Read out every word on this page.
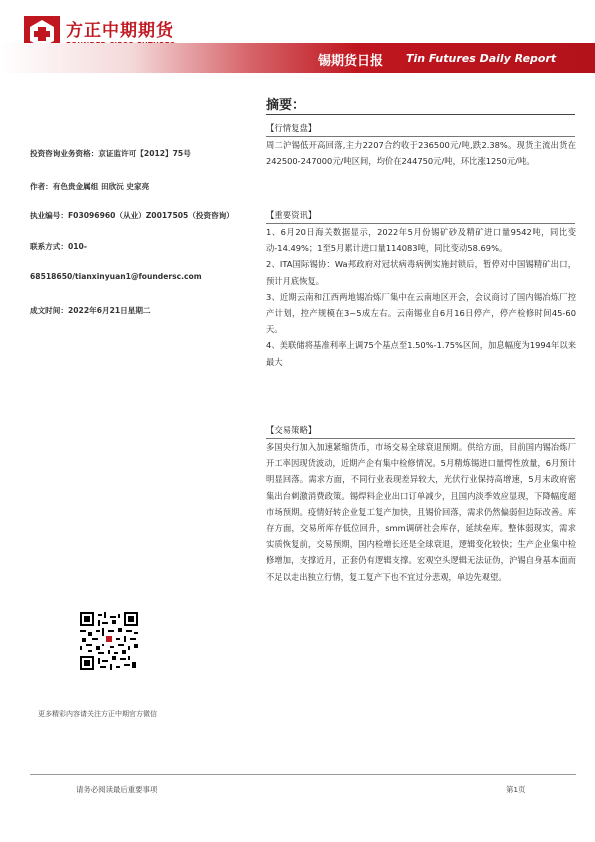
方正中期期货
锡期货日报 Tin Futures Daily Report
摘要：
投资咨询业务资格：京证监许可【2012】75号
作者：有色贵金属组 田欣沅 史家亮
执业编号：F03096960（从业）Z0017505（投资咨询）
联系方式：010-
68518650/tianxinyuan1@foundersc.com
成文时间：2022年6月21日星期二
【行情复盘】

周二沪锡低开高回落,主力2207合约收于236500元/吨,跌2.38%。现货主流出货在242500-247000元/吨区间，均价在244750元/吨，环比涨1250元/吨。

【重要资讯】

1、6月20日海关数据显示，2022年5月份锡矿砂及精矿进口量9542吨，同比变动-14.49%；1至5月累计进口量114083吨，同比变动58.69%。

2、ITA国际锡协：Wa邦政府对冠状病毒病例实施封锁后，暂停对中国锡精矿出口，预计月底恢复。

3、近期云南和江西两地锡冶炼厂集中在云南地区开会，会议商讨了国内锡冶炼厂控产计划，控产规模在3~5成左右。云南锡业自6月16日停产，停产检修时间45-60天。

4、美联储将基准利率上调75个基点至1.50%-1.75%区间，加息幅度为1994年以来最大

【交易策略】

多国央行加入加速紧缩货币，市场交易全球衰退预期。供给方面，目前国内锡冶炼厂开工率因现货波动，近期产企有集中检修情况。5月精炼锡进口量愕性放量，6月预计明显回落。需求方面，不同行业表现差异较大，光伏行业保持高增速，5月末政府密集出台刺激消费政策。锡焊料企业出口订单减少，且国内淡季效应显现，下降幅度超市场预期。疫情好转企业复工复产加快，且锡价回落，需求仍然偏弱但边际改善。库存方面，交易所库存低位回升，smm调研社会库存，延续垒库。整体弱现实，需求实质恢复前，交易预期，国内检增长还是全球衰退，逻辑变化较快；生产企业集中检修增加，支撑近月，正套仍有逻辑支撑。宏观空头逻辑无法证伪，沪锡自身基本面而不足以走出独立行情，复工复产下也不宜过分悲观，单边先观望。

更多精彩内容请关注方正中期官方微信
请务必阅读最后重要事项	第1页
